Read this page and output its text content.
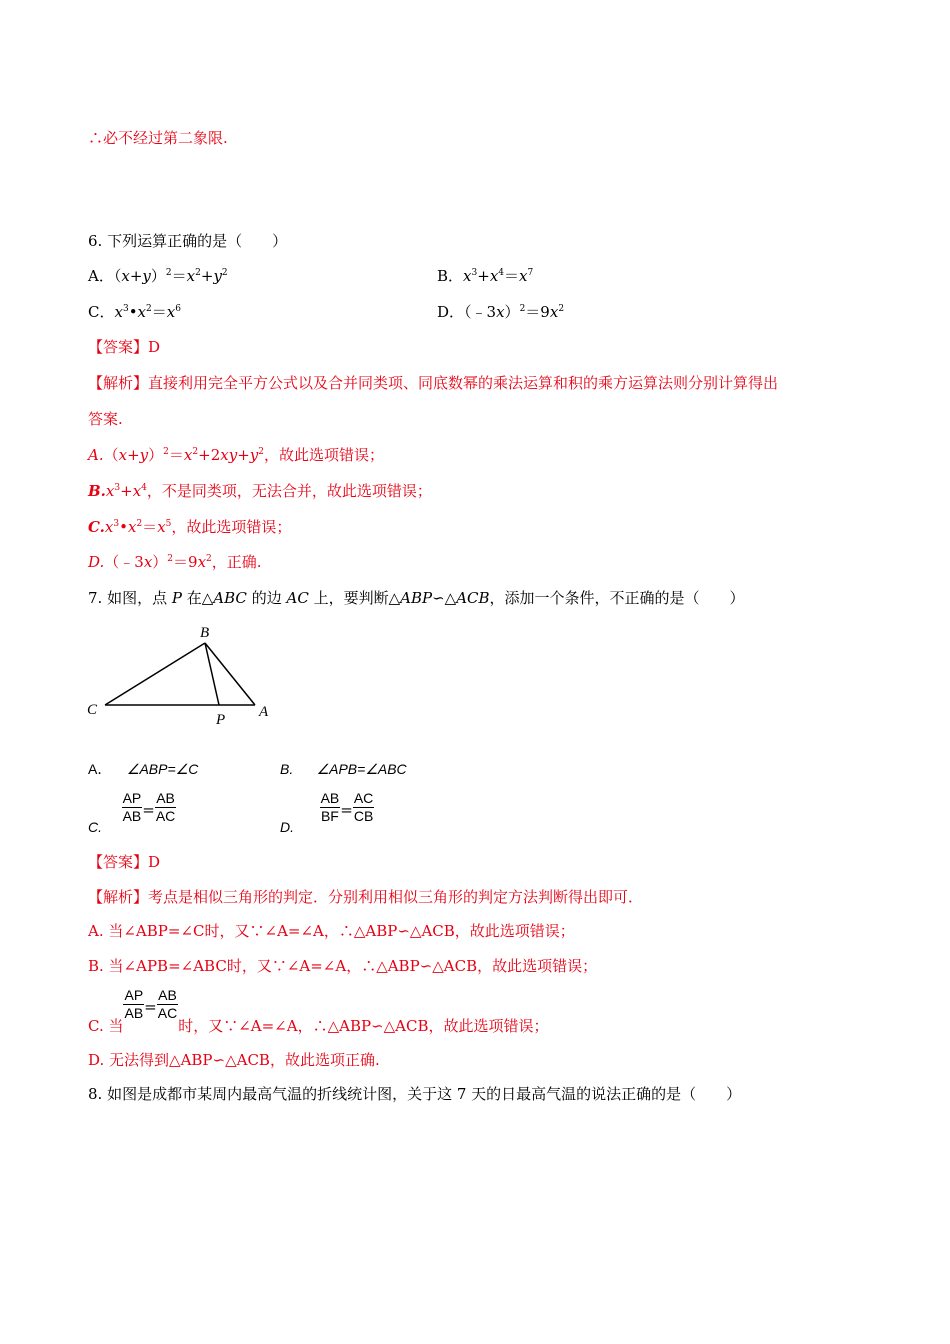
∴必不经过第二象限.
6. 下列运算正确的是（　　）
A．$(x+y)^2=x^2+y^2$	B．$x^3+x^4=x^7$
C．$x^3•x^2=x^6$	D．$(﹣3x)^2=9x^2$
【答案】D
【解析】直接利用完全平方公式以及合并同类项、同底数幂的乘法运算和积的乘方运算法则分别计算得出
答案.
$A.(x+y)^2=x^2+2xy+y^2$，故此选项错误；
$B.x^3+x^4$，不是同类项，无法合并，故此选项错误；
$C.x^3•x^2=x^5$，故此选项错误；
$D.(﹣3x)^2=9x^2$，正确.
7. 如图，点 P 在△ABC 的边 AC 上，要判断△ABP∽△ACB，添加一个条件，不正确的是（　　）
B
C
P A
A． ∠ABP=∠C	B. ∠APB=∠ABC
C.
$\frac{AP}{AB} = \frac{AB}{AC}$
D.
$\frac{AB}{BF} = \frac{AC}{CB}$
【答案】D
【解析】考点是相似三角形的判定．分别利用相似三角形的判定方法判断得出即可．
A. 当∠ABP=∠C时，又∵∠A=∠A，∴△ABP∽△ACB，故此选项错误；
B. 当∠APB=∠ABC时，又∵∠A=∠A，∴△ABP∽△ACB，故此选项错误；
C. 当
$\frac{AP}{AB} = \frac{AB}{AC}$
时，又∵∠A=∠A，∴△ABP∽△ACB，故此选项错误；
D. 无法得到△ABP∽△ACB，故此选项正确.
8. 如图是成都市某周内最高气温的折线统计图，关于这 7 天的日最高气温的说法正确的是（　　）
